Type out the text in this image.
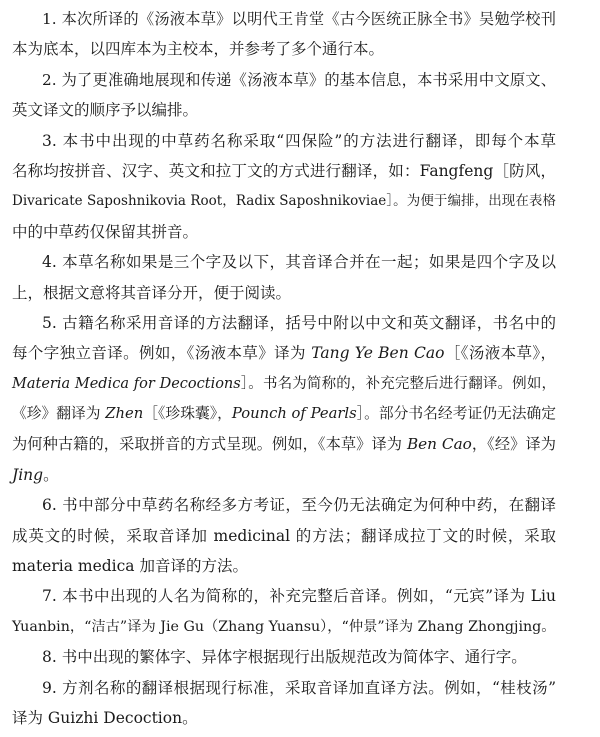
1. 本次所译的《汤液本草》以明代王肯堂《古今医统正脉全书》吴勉学校刊
本为底本，以四库本为主校本，并参考了多个通行本。
2. 为了更准确地展现和传递《汤液本草》的基本信息，本书采用中文原文、
英文译文的顺序予以编排。
3. 本书中出现的中草药名称采取“四保险”的方法进行翻译，即每个本草
名称均按拼音、汉字、英文和拉丁文的方式进行翻译，如：Fangfeng［防风，
Divaricate Saposhnikovia Root，Radix Saposhnikoviae］。为便于编排，出现在表格
中的中草药仅保留其拼音。
4. 本草名称如果是三个字及以下，其音译合并在一起；如果是四个字及以
上，根据文意将其音译分开，便于阅读。
5. 古籍名称采用音译的方法翻译，括号中附以中文和英文翻译，书名中的
每个字独立音译。例如，《汤液本草》译为 Tang Ye Ben Cao［《汤液本草》，
Materia Medica for Decoctions］。书名为简称的，补充完整后进行翻译。例如，
《珍》翻译为 Zhen［《珍珠囊》，Pounch of Pearls］。部分书名经考证仍无法确定
为何种古籍的，采取拼音的方式呈现。例如，《本草》译为 Ben Cao，《经》译为
Jing。
6. 书中部分中草药名称经多方考证，至今仍无法确定为何种中药，在翻译
成英文的时候，采取音译加 medicinal 的方法；翻译成拉丁文的时候，采取
materia medica 加音译的方法。
7. 本书中出现的人名为简称的，补充完整后音译。例如，“元宾”译为 Liu
Yuanbin，“洁古”译为 Jie Gu（Zhang Yuansu），“仲景”译为 Zhang Zhongjing。
8. 书中出现的繁体字、异体字根据现行出版规范改为简体字、通行字。
9. 方剂名称的翻译根据现行标准，采取音译加直译方法。例如，“桂枝汤”
译为 Guizhi Decoction。
